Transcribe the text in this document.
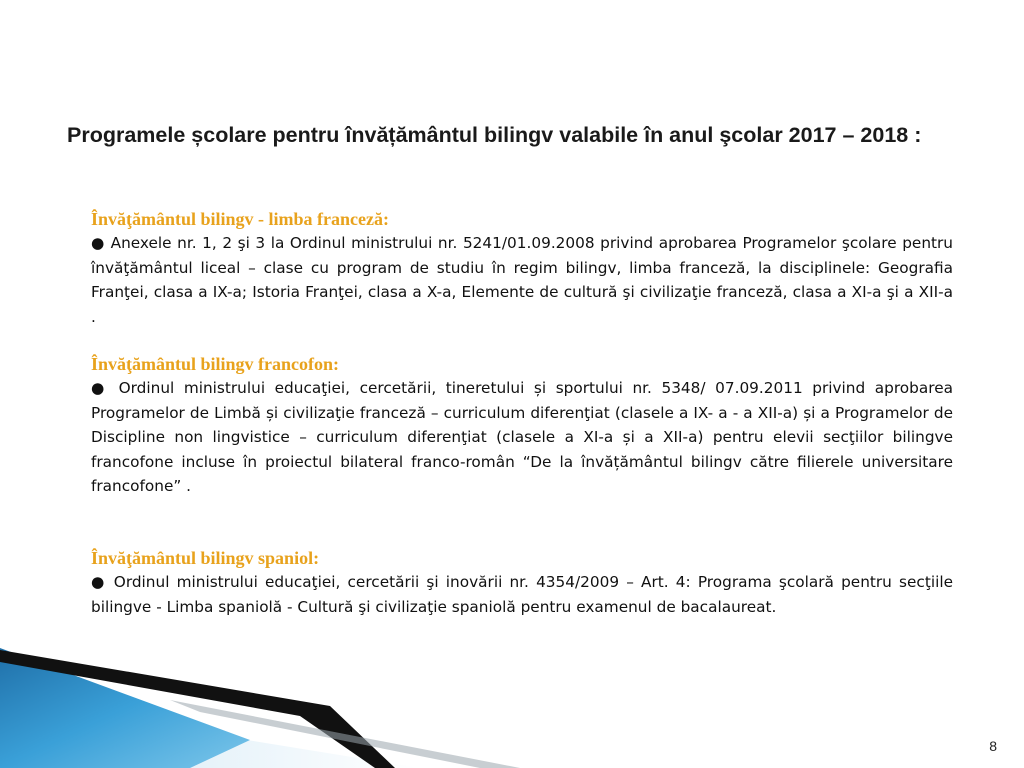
Programele școlare pentru învățământul bilingv valabile în anul şcolar 2017 – 2018 :

Învăţământul bilingv - limba franceză:

● Anexele nr. 1, 2 şi 3 la Ordinul ministrului nr. 5241/01.09.2008 privind aprobarea Programelor şcolare pentru învăţământul liceal – clase cu program de studiu în regim bilingv, limba franceză, la disciplinele: Geografia Franţei, clasa a IX-a; Istoria Franţei, clasa a X-a, Elemente de cultură şi civilizaţie franceză, clasa a XI-a şi a XII-a .

Învăţământul bilingv francofon:

● Ordinul ministrului educaţiei, cercetării, tineretului și sportului nr. 5348/ 07.09.2011 privind aprobarea Programelor de Limbă și civilizaţie franceză – curriculum diferenţiat (clasele a IX- a - a XII-a) și a Programelor de Discipline non lingvistice – curriculum diferenţiat (clasele a XI-a și a XII-a) pentru elevii secţiilor bilingve francofone incluse în proiectul bilateral franco-român “De la învățământul bilingv către filierele universitare francofone” .

Învăţământul bilingv spaniol:

● Ordinul ministrului educaţiei, cercetării şi inovării nr. 4354/2009 – Art. 4: Programa şcolară pentru secţiile bilingve - Limba spaniolă - Cultură şi civilizaţie spaniolă pentru examenul de bacalaureat.

8
